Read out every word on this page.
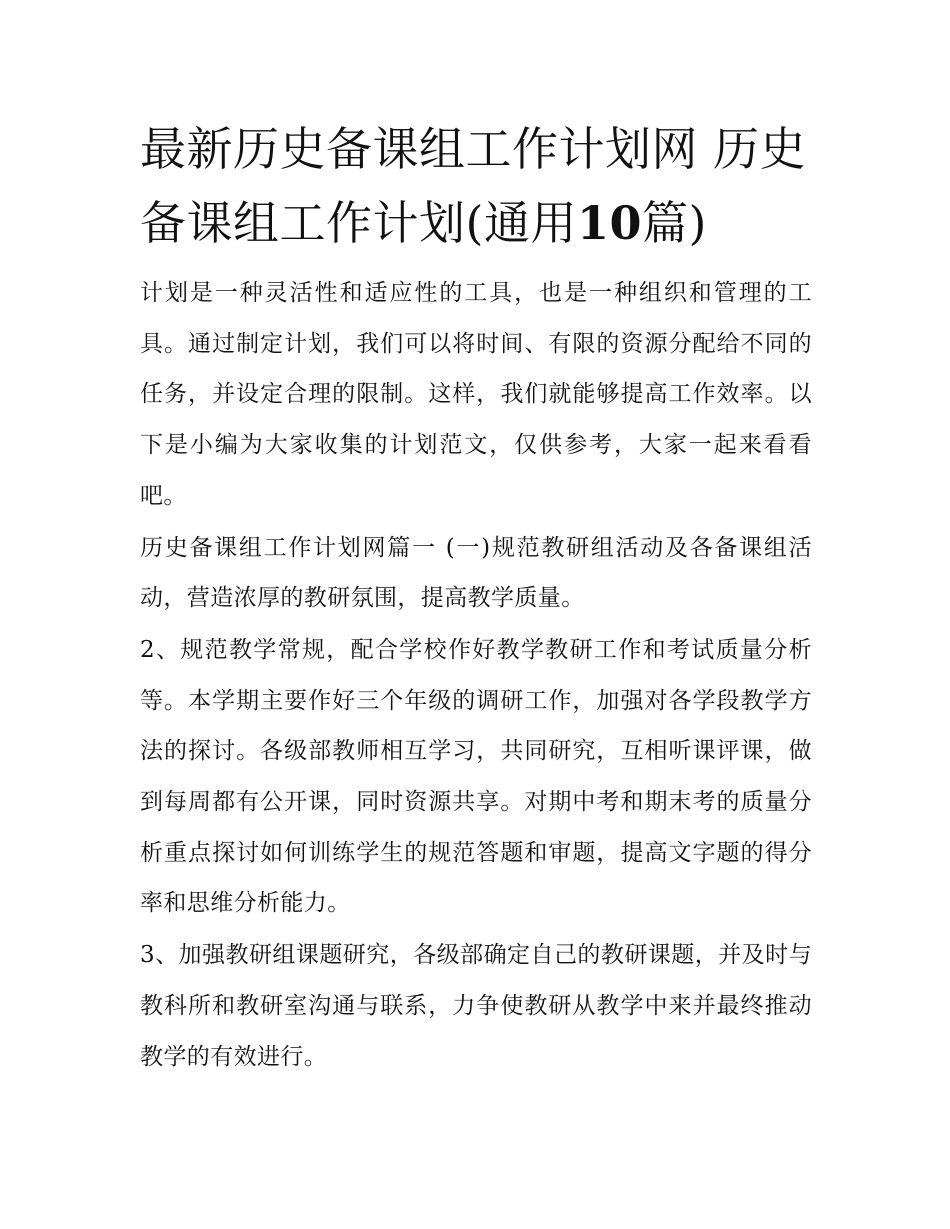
最新历史备课组工作计划网 历史备课组工作计划(通用10篇)

计划是一种灵活性和适应性的工具，也是一种组织和管理的工具。通过制定计划，我们可以将时间、有限的资源分配给不同的任务，并设定合理的限制。这样，我们就能够提高工作效率。以下是小编为大家收集的计划范文，仅供参考，大家一起来看看吧。

历史备课组工作计划网篇一 (一)规范教研组活动及各备课组活动，营造浓厚的教研氛围，提高教学质量。

2、规范教学常规，配合学校作好教学教研工作和考试质量分析等。本学期主要作好三个年级的调研工作，加强对各学段教学方法的探讨。各级部教师相互学习，共同研究，互相听课评课，做到每周都有公开课，同时资源共享。对期中考和期末考的质量分析重点探讨如何训练学生的规范答题和审题，提高文字题的得分率和思维分析能力。

3、加强教研组课题研究，各级部确定自己的教研课题，并及时与教科所和教研室沟通与联系，力争使教研从教学中来并最终推动教学的有效进行。
